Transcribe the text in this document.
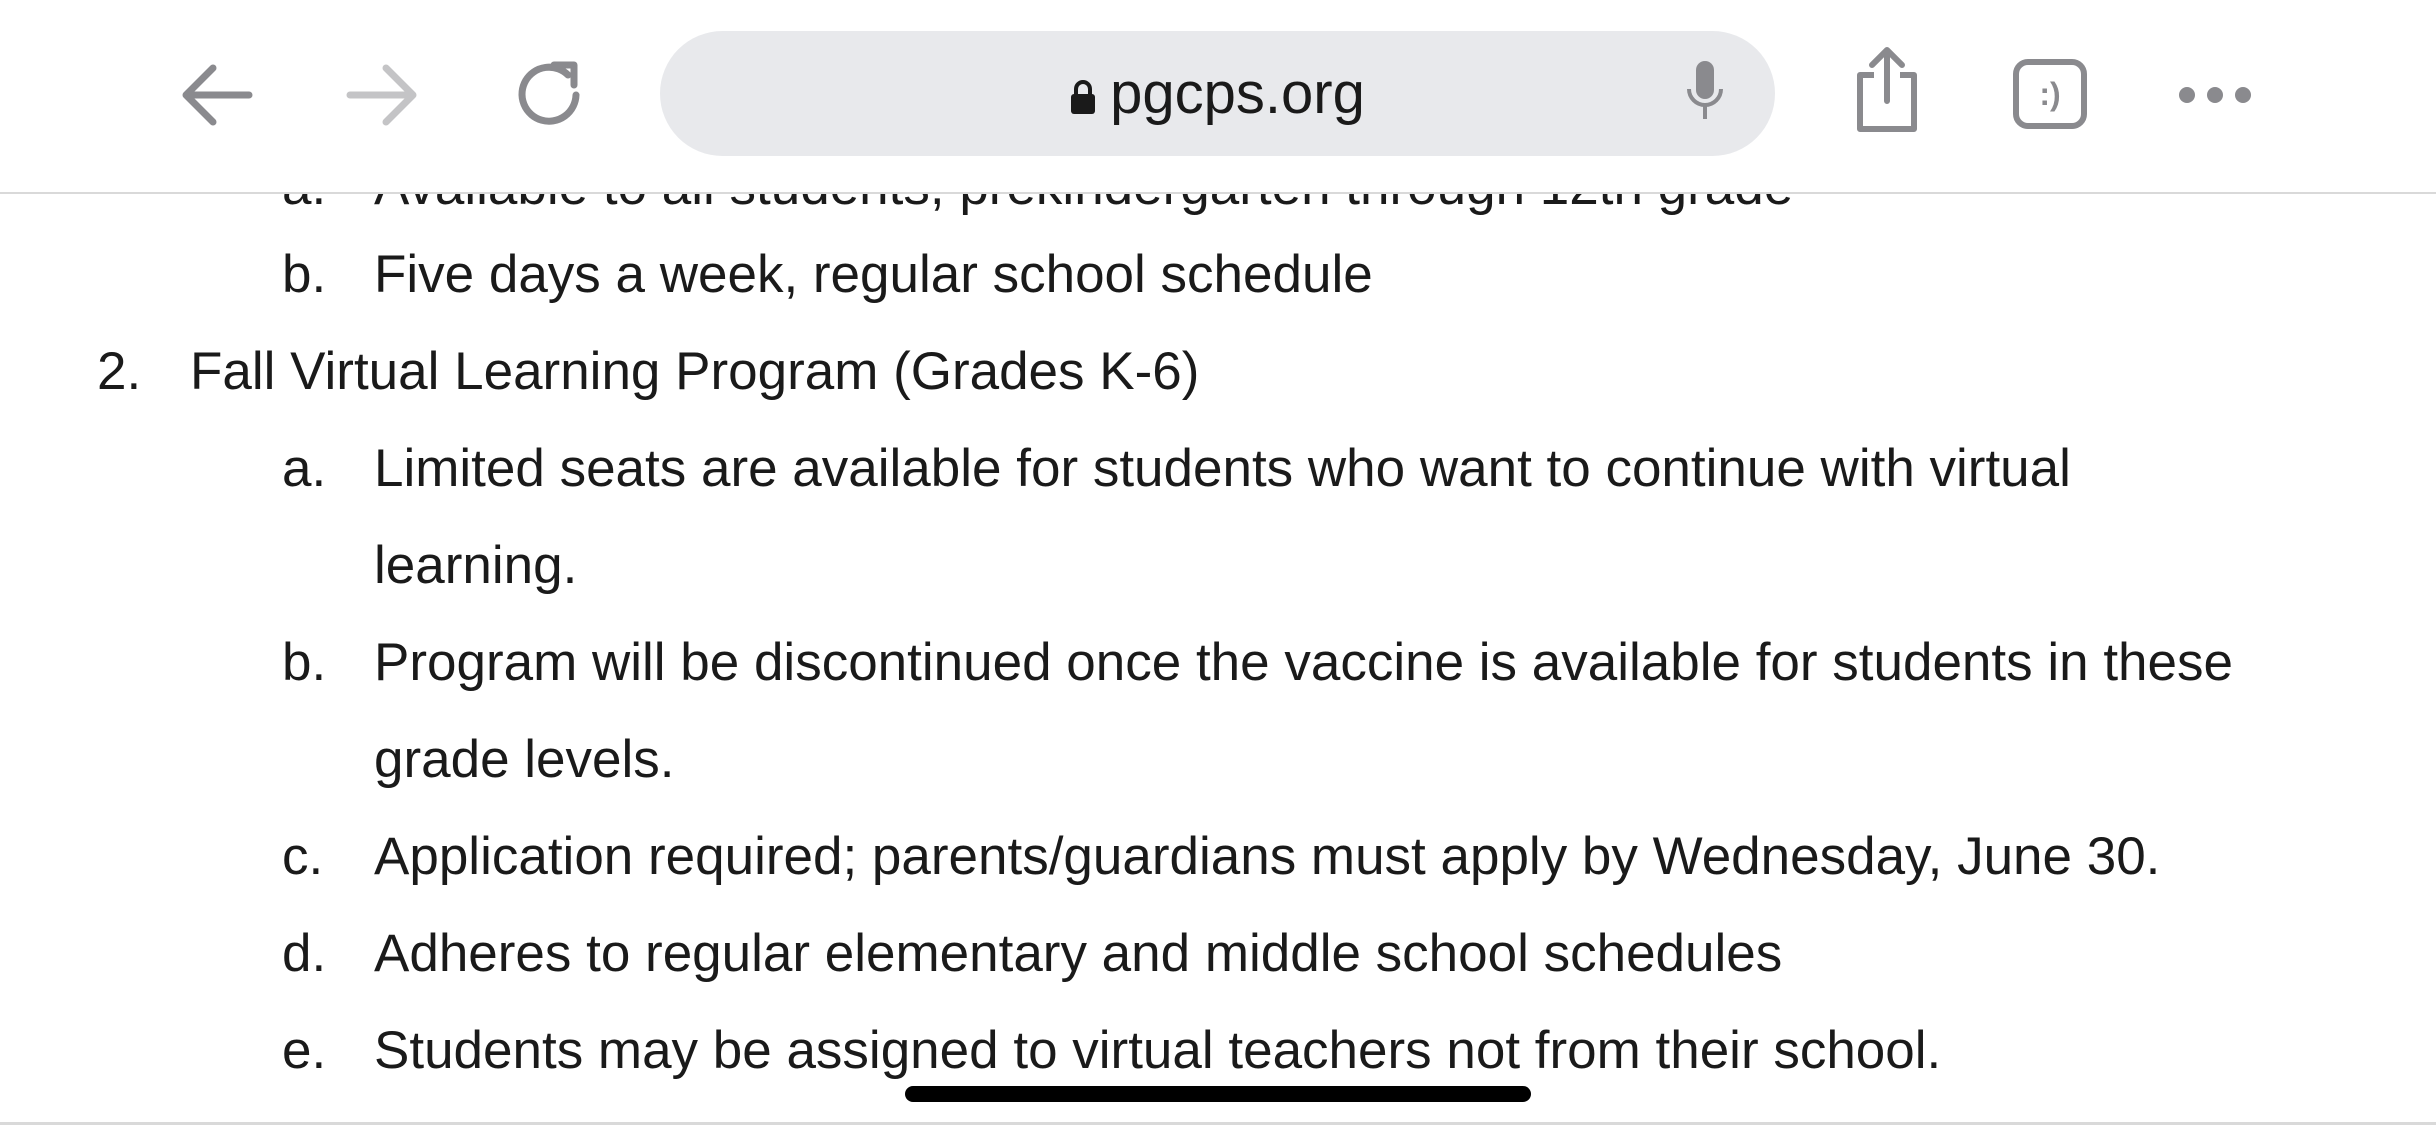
b. Five days a week, regular school schedule
2. Fall Virtual Learning Program (Grades K-6)
a. Limited seats are available for students who want to continue with virtual
learning.
b. Program will be discontinued once the vaccine is available for students in these
grade levels.
c. Application required; parents/guardians must apply by Wednesday, June 30.
d. Adheres to regular elementary and middle school schedules
e. Students may be assigned to virtual teachers not from their school.
pgcps.org	:)
